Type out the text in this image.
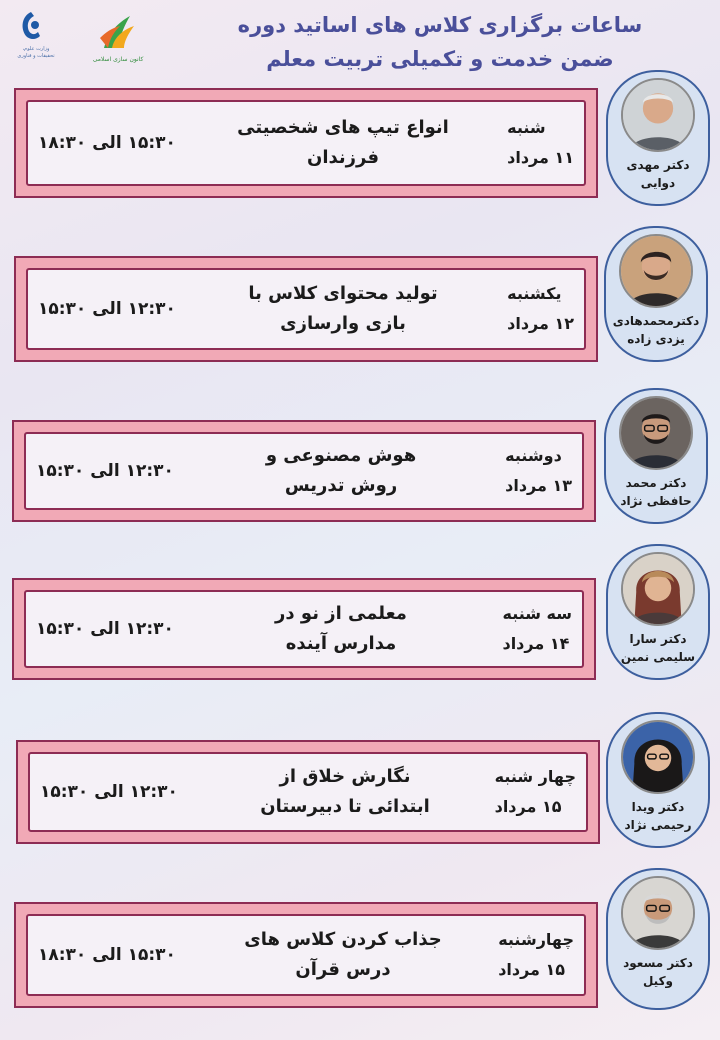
ساعات برگزاری کلاس های اساتید دوره
ضمن خدمت و تکمیلی تربیت معلم
وزارت علوم، تحقیقات و فناوری	کانون سازی اسلامی
۱۵:۳۰ الی ۱۸:۳۰
انواع تیپ های شخصیتی
فرزندان
شنبه
۱۱ مرداد	دکتر مهدی
دوایی
۱۲:۳۰ الی ۱۵:۳۰
تولید محتوای کلاس با
بازی وارسازی
یکشنبه
۱۲ مرداد	دکترمحمدهادی
یزدی زاده
۱۲:۳۰ الی ۱۵:۳۰
هوش مصنوعی و
روش تدریس
دوشنبه
۱۳ مرداد	دکتر محمد
حافظی نژاد
۱۲:۳۰ الی ۱۵:۳۰
معلمی از نو در
مدارس آینده
سه شنبه
۱۴ مرداد	دکتر سارا
سلیمی نمین
۱۲:۳۰ الی ۱۵:۳۰
نگارش خلاق از
ابتدائی تا دبیرستان
چهار شنبه
۱۵ مرداد	دکتر ویدا
رحیمی نژاد
۱۵:۳۰ الی ۱۸:۳۰
جذاب کردن کلاس های
درس قرآن
چهارشنبه
۱۵ مرداد	دکتر مسعود
وکیل
